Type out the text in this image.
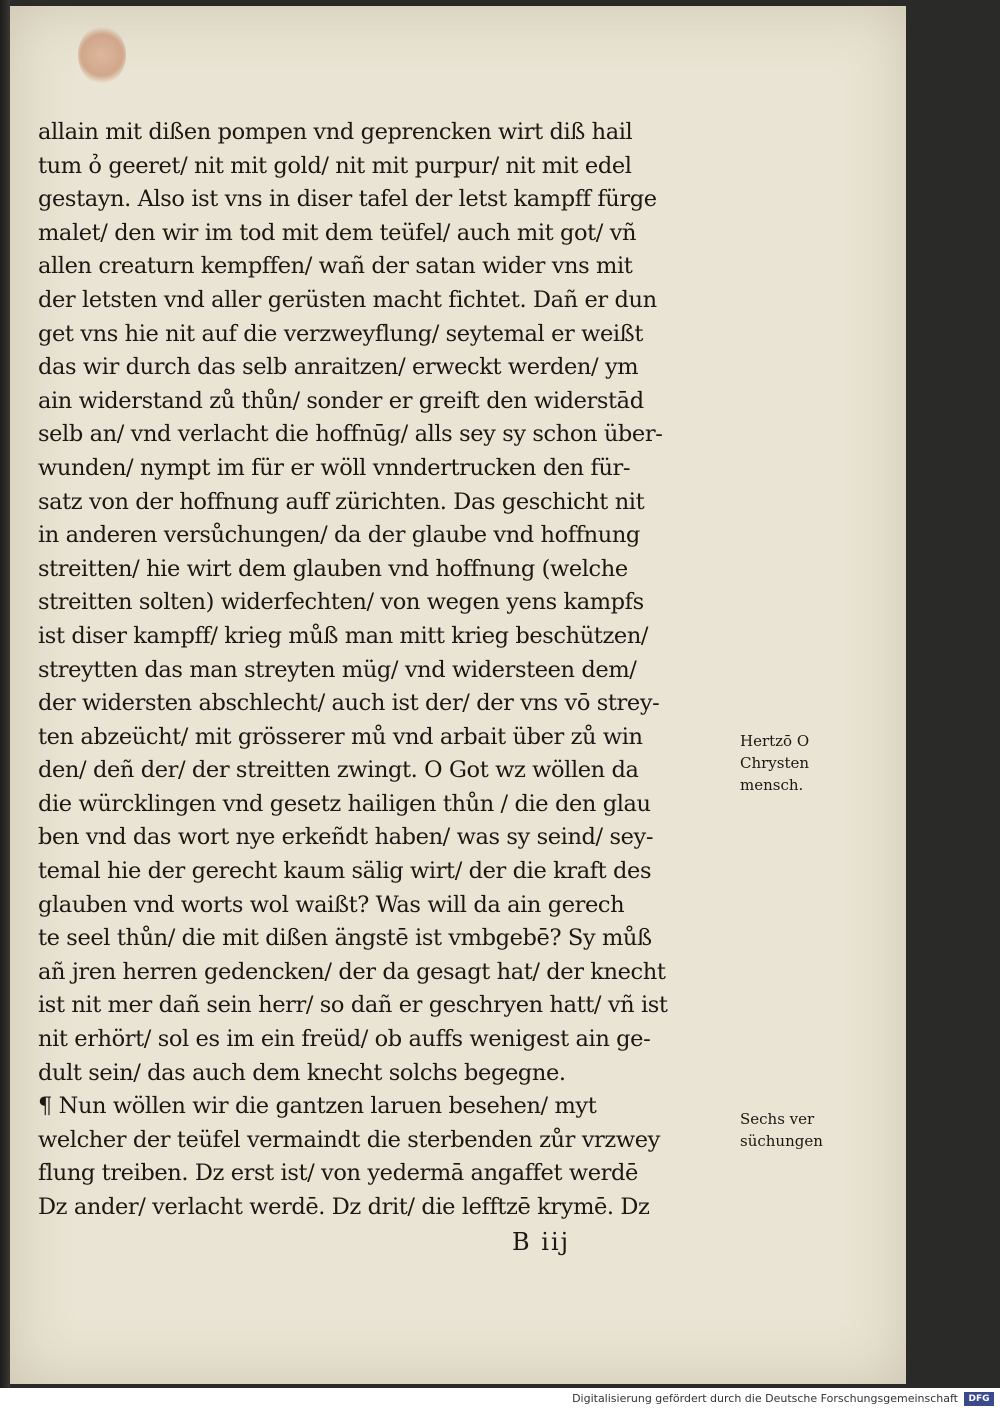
allain mit dißen pompen vnd geprencken wirt diß hail
tum ỏ geeret/ nit mit gold/ nit mit purpur/ nit mit edel
gestayn. Also ist vns in diser tafel der letst kampff fürge
malet/ den wir im tod mit dem teüfel/ auch mit got/ vñ
allen creaturn kempffen/ wañ der satan wider vns mit
der letsten vnd aller gerüsten macht fichtet. Dañ er dun
get vns hie nit auf die verzweyflung/ seytemal er weißt
das wir durch das selb anraitzen/ erweckt werden/ ym
ain widerstand zů thůn/ sonder er greift den widerstād
selb an/ vnd verlacht die hoffnūg/ alls sey sy schon über-
wunden/ nympt im für er wöll vnndertrucken den für-
satz von der hoffnung auff zürichten. Das geschicht nit
in anderen versůchungen/ da der glaube vnd hoffnung
streitten/ hie wirt dem glauben vnd hoffnung (welche
streitten solten) widerfechten/ von wegen yens kampfs
ist diser kampff/ krieg můß man mitt krieg beschützen/
streytten das man streyten müg/ vnd widersteen dem/
der widersten abschlecht/ auch ist der/ der vns vō strey-
ten abzeücht/ mit grösserer mů vnd arbait über zů win
den/ deñ der/ der streitten zwingt. O Got wz wöllen da
die würcklingen vnd gesetz hailigen thůn / die den glau
ben vnd das wort nye erkeñdt haben/ was sy seind/ sey-
temal hie der gerecht kaum sälig wirt/ der die kraft des
glauben vnd worts wol waißt? Was will da ain gerech
te seel thůn/ die mit dißen ängstē ist vmbgebē? Sy můß
añ jren herren gedencken/ der da gesagt hat/ der knecht
ist nit mer dañ sein herr/ so dañ er geschryen hatt/ vñ ist
nit erhört/ sol es im ein freüd/ ob auffs wenigest ain ge-
dult sein/ das auch dem knecht solchs begegne.
¶ Nun wöllen wir die gantzen laruen besehen/ myt
welcher der teüfel vermaindt die sterbenden zůr vrzwey
flung treiben. Dz erst ist/ von yedermā angaffet werdē
Dz ander/ verlacht werdē. Dz drit/ die lefftzē krymē. Dz
Hertzō O
Chrysten
mensch.
Sechs ver
süchungen
B iij
Digitalisierung gefördert durch die Deutsche Forschungsgemeinschaft	DFG
